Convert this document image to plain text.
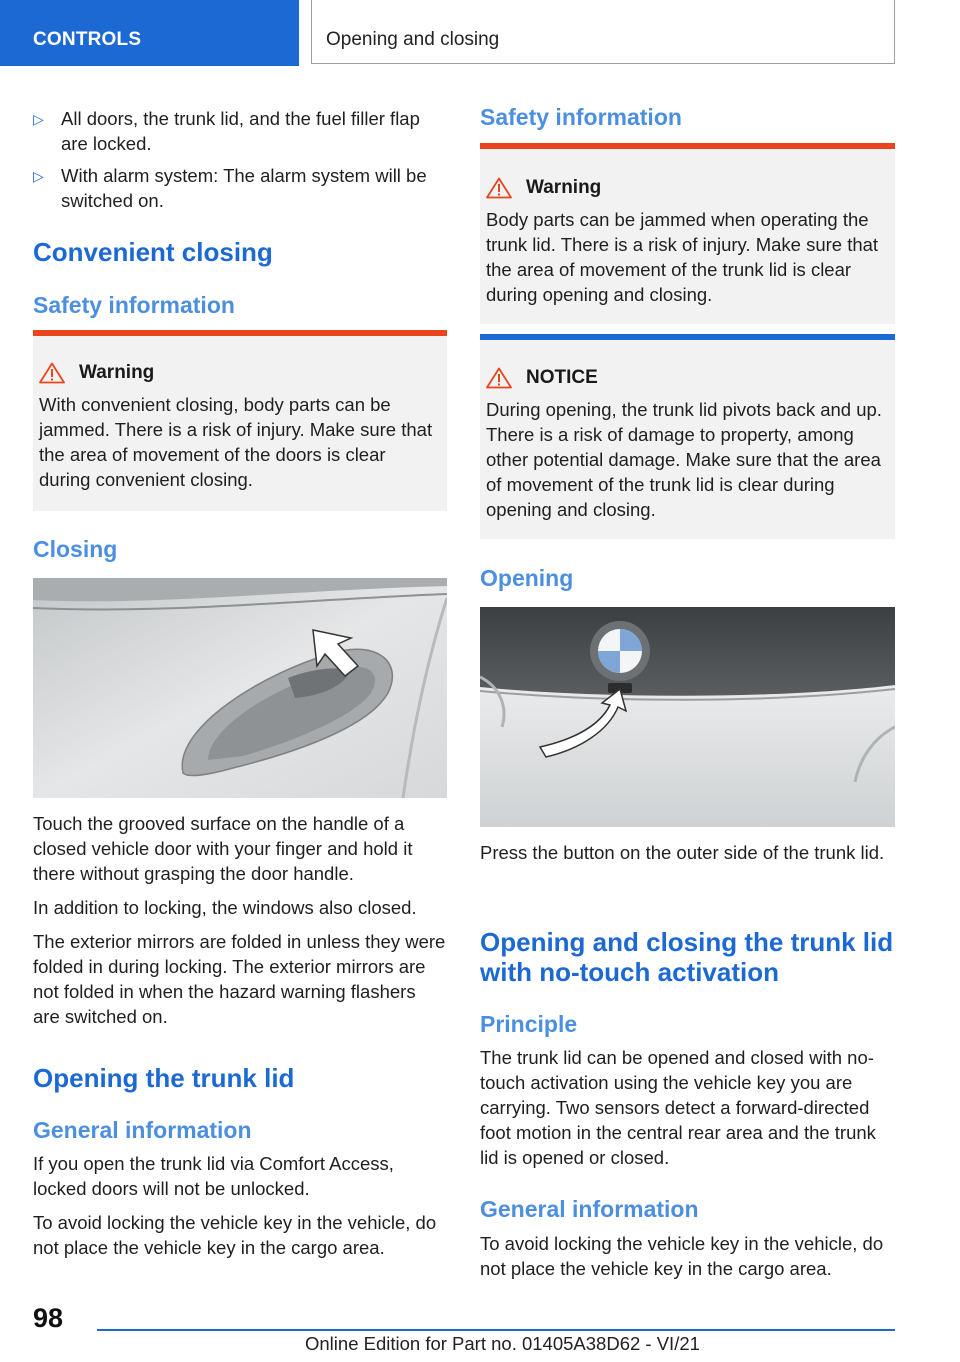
CONTROLS	Opening and closing
▷ All doors, the trunk lid, and the fuel filler flap are locked.
▷ With alarm system: The alarm system will be switched on.
Convenient closing
Safety information
Warning
With convenient closing, body parts can be jammed. There is a risk of injury. Make sure that the area of movement of the doors is clear during convenient closing.
Closing
Touch the grooved surface on the handle of a closed vehicle door with your finger and hold it there without grasping the door handle.
In addition to locking, the windows also closed.
The exterior mirrors are folded in unless they were folded in during locking. The exterior mirrors are not folded in when the hazard warning flashers are switched on.
Opening the trunk lid
General information
If you open the trunk lid via Comfort Access, locked doors will not be unlocked.
To avoid locking the vehicle key in the vehicle, do not place the vehicle key in the cargo area.
Safety information
Warning
Body parts can be jammed when operating the trunk lid. There is a risk of injury. Make sure that the area of movement of the trunk lid is clear during opening and closing.
NOTICE
During opening, the trunk lid pivots back and up. There is a risk of damage to property, among other potential damage. Make sure that the area of movement of the trunk lid is clear during opening and closing.
Opening
Press the button on the outer side of the trunk lid.
Opening and closing the trunk lid with no‑touch activation
Principle
The trunk lid can be opened and closed with no-touch activation using the vehicle key you are carrying. Two sensors detect a forward-directed foot motion in the central rear area and the trunk lid is opened or closed.
General information
To avoid locking the vehicle key in the vehicle, do not place the vehicle key in the cargo area.
98
Online Edition for Part no. 01405A38D62 - VI/21
